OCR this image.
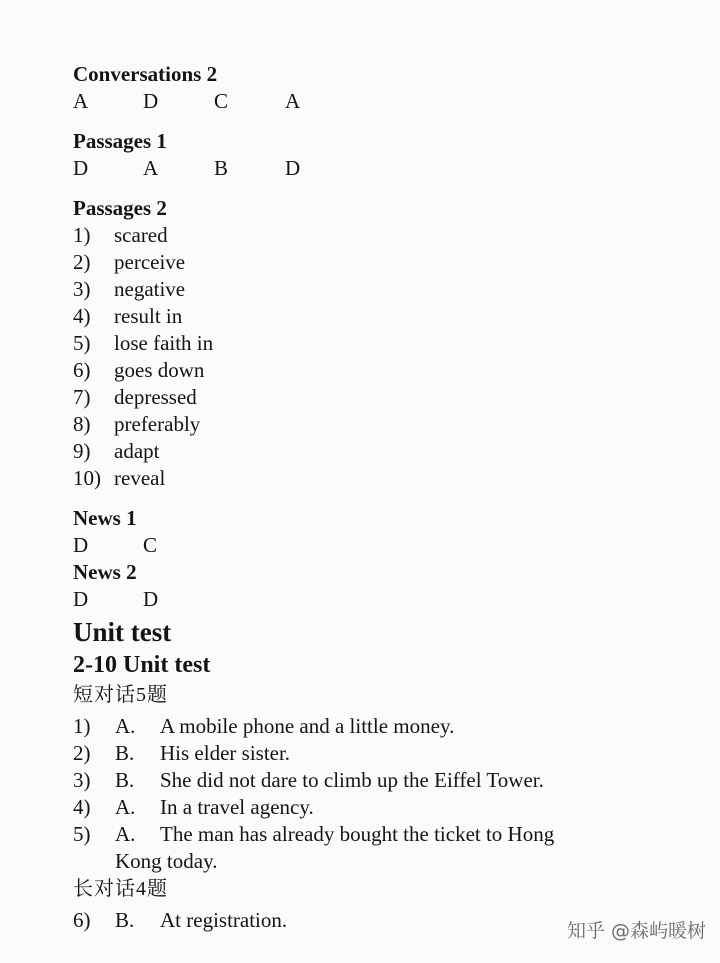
Conversations 2
A	D	C	A
Passages 1
D	A	B	D
Passages 2
1) scared
2) perceive
3) negative
4) result in
5) lose faith in
6) goes down
7) depressed
8) preferably
9) adapt
10) reveal
News 1
D	C
News 2
D	D
Unit test
2-10 Unit test
短对话5题
1) A. A mobile phone and a little money.
2) B. His elder sister.
3) B. She did not dare to climb up the Eiffel Tower.
4) A. In a travel agency.
5) A. The man has already bought the ticket to Hong
Kong today.
长对话4题
6) B. At registration.	知乎 @森屿暖树
